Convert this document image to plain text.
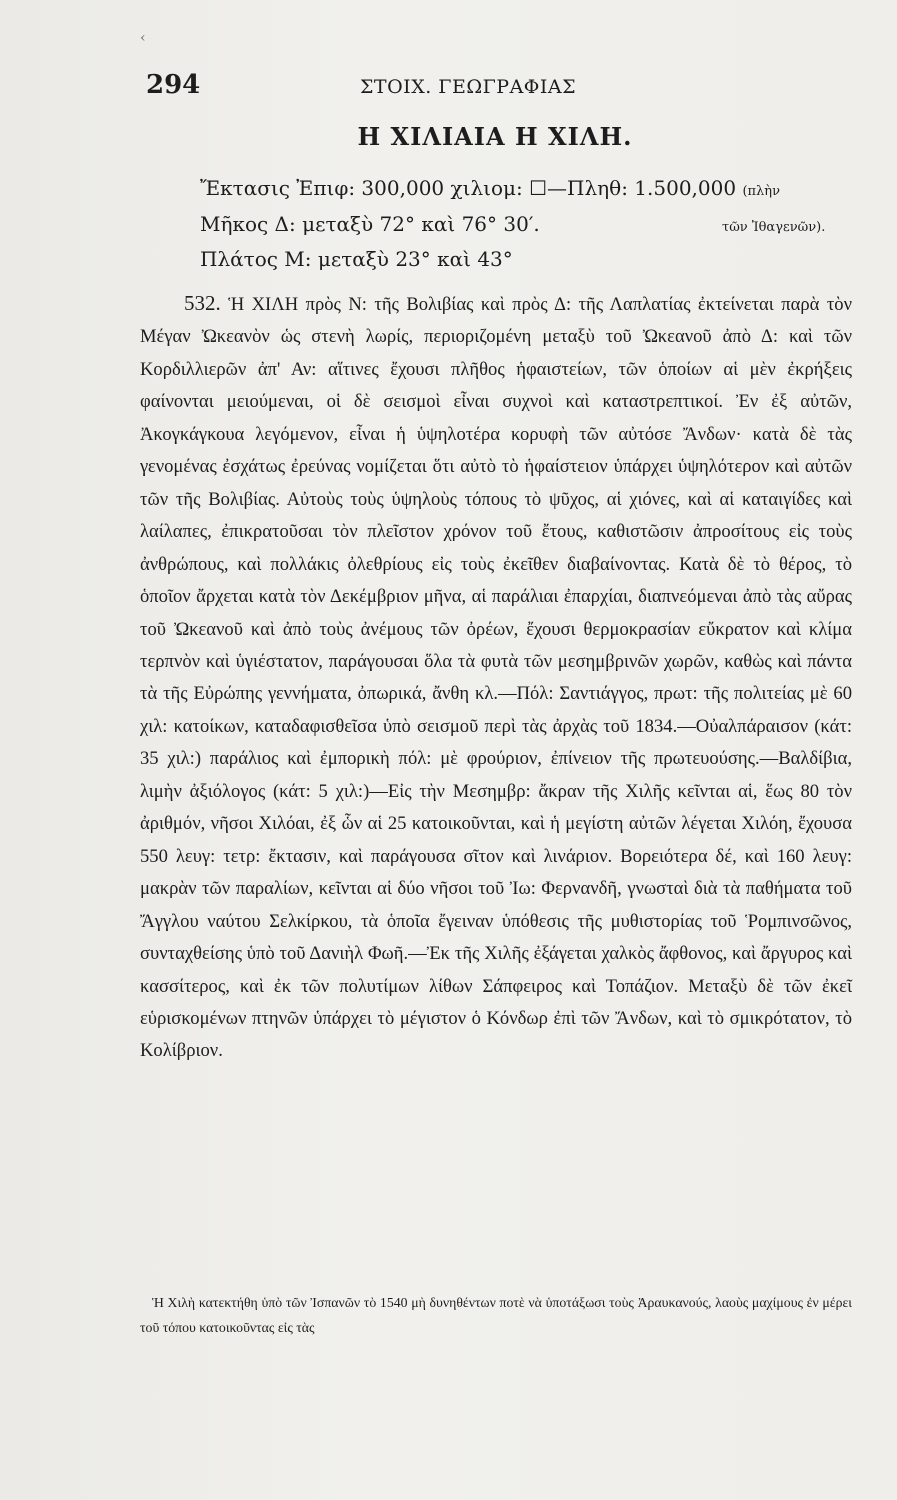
‹
294	ΣΤΟΙΧ. ΓΕΩΓΡΑΦΙΑΣ
Η ΧΙΛΙΑΙΑ Η ΧΙΛΗ.
Ἔκτασις Ἐπιφ: 300,000 χιλιομ: ☐—Πληθ: 1.500,000 (πλὴν
Μῆκος Δ: μεταξὺ 72° καὶ 76° 30′.	τῶν Ἰθαγενῶν).
Πλάτος Μ: μεταξὺ 23° καὶ 43°
532. Ἡ ΧΙΛΗ πρὸς Ν: τῆς Βολιβίας καὶ πρὸς Δ: τῆς Λαπλατίας ἐκτείνεται παρὰ τὸν Μέγαν Ὠκεανὸν ὡς στενὴ λωρίς, περιοριζομένη μεταξὺ τοῦ Ὠκεανοῦ ἀπὸ Δ: καὶ τῶν Κορδιλλιερῶν ἀπ' Αν: αἵτινες ἔχουσι πλῆθος ἡφαιστείων, τῶν ὁποίων αἱ μὲν ἐκρήξεις φαίνονται μειούμεναι, οἱ δὲ σεισμοὶ εἶναι συχνοὶ καὶ καταστρεπτικοί. Ἐν ἐξ αὐτῶν, Ἀκογκάγκουα λεγόμενον, εἶναι ἡ ὑψηλοτέρα κορυφὴ τῶν αὐτόσε Ἄνδων· κατὰ δὲ τὰς γενομένας ἐσχάτως ἐρεύνας νομίζεται ὅτι αὐτὸ τὸ ἡφαίστειον ὑπάρχει ὑψηλότερον καὶ αὐτῶν τῶν τῆς Βολιβίας. Αὐτοὺς τοὺς ὑψηλοὺς τόπους τὸ ψῦχος, αἱ χιόνες, καὶ αἱ καταιγίδες καὶ λαίλαπες, ἐπικρατοῦσαι τὸν πλεῖστον χρόνον τοῦ ἔτους, καθιστῶσιν ἀπροσίτους εἰς τοὺς ἀνθρώπους, καὶ πολλάκις ὀλεθρίους εἰς τοὺς ἐκεῖθεν διαβαίνοντας. Κατὰ δὲ τὸ θέρος, τὸ ὁποῖον ἄρχεται κατὰ τὸν Δεκέμβριον μῆνα, αἱ παράλιαι ἐπαρχίαι, διαπνεόμεναι ἀπὸ τὰς αὔρας τοῦ Ὠκεανοῦ καὶ ἀπὸ τοὺς ἀνέμους τῶν ὀρέων, ἔχουσι θερμοκρασίαν εὔκρατον καὶ κλίμα τερπνὸν καὶ ὑγιέστατον, παράγουσαι ὅλα τὰ φυτὰ τῶν μεσημβρινῶν χωρῶν, καθὼς καὶ πάντα τὰ τῆς Εὐρώπης γεννήματα, ὀπωρικά, ἄνθη κλ.—Πόλ: Σαντιάγγος, πρωτ: τῆς πολιτείας μὲ 60 χιλ: κατοίκων, καταδαφισθεῖσα ὑπὸ σεισμοῦ περὶ τὰς ἀρχὰς τοῦ 1834.—Οὐαλπάραισον (κάτ: 35 χιλ:) παράλιος καὶ ἐμπορικὴ πόλ: μὲ φρούριον, ἐπίνειον τῆς πρωτευούσης.—Βαλδίβια, λιμὴν ἀξιόλογος (κάτ: 5 χιλ:)—Εἰς τὴν Μεσημβρ: ἄκραν τῆς Χιλῆς κεῖνται αἱ, ἕως 80 τὸν ἀριθμόν, νῆσοι Χιλόαι, ἐξ ὧν αἱ 25 κατοικοῦνται, καὶ ἡ μεγίστη αὐτῶν λέγεται Χιλόη, ἔχουσα 550 λευγ: τετρ: ἔκτασιν, καὶ παράγουσα σῖτον καὶ λινάριον. Βορειότερα δέ, καὶ 160 λευγ: μακρὰν τῶν παραλίων, κεῖνται αἱ δύο νῆσοι τοῦ Ἰω: Φερνανδῆ, γνωσταὶ διὰ τὰ παθήματα τοῦ Ἄγγλου ναύτου Σελκίρκου, τὰ ὁποῖα ἔγειναν ὑπόθεσις τῆς μυθιστορίας τοῦ Ῥομπινσῶνος, συνταχθείσης ὑπὸ τοῦ Δανιὴλ Φωῆ.—Ἐκ τῆς Χιλῆς ἐξάγεται χαλκὸς ἄφθονος, καὶ ἄργυρος καὶ κασσίτερος, καὶ ἐκ τῶν πολυτίμων λίθων Σάπφειρος καὶ Τοπάζιον. Μεταξὺ δὲ τῶν ἐκεῖ εὑρισκομένων πτηνῶν ὑπάρχει τὸ μέγιστον ὁ Κόνδωρ ἐπὶ τῶν Ἄνδων, καὶ τὸ σμικρότατον, τὸ Κολίβριον.
Ἡ Χιλὴ κατεκτήθη ὑπὸ τῶν Ἰσπανῶν τὸ 1540 μὴ δυνηθέντων ποτὲ νὰ ὑποτάξωσι τοὺς Ἀραυκανούς, λαοὺς μαχίμους ἐν μέρει τοῦ τόπου κατοικοῦντας εἰς τὰς
